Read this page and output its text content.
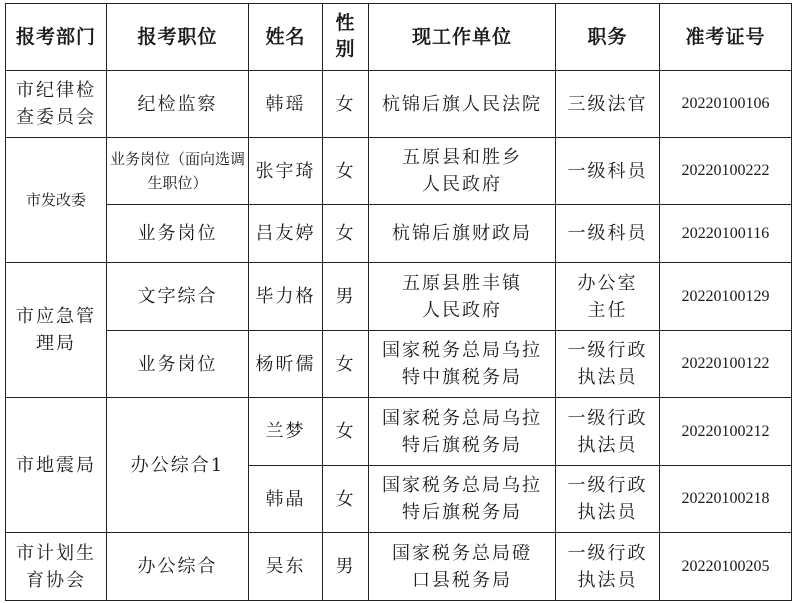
报考部门	报考职位	姓名	性别	现工作单位	职务	准考证号
市纪律检查委员会	纪检监察	韩瑶	女	杭锦后旗人民法院	三级法官	20220100106
市发改委	业务岗位（面向选调生职位）	张宇琦	女	五原县和胜乡人民政府	一级科员	20220100222
	业务岗位	吕友婷	女	杭锦后旗财政局	一级科员	20220100116
市应急管理局	文字综合	毕力格	男	五原县胜丰镇人民政府	办公室主任	20220100129
	业务岗位	杨昕儒	女	国家税务总局乌拉特中旗税务局	一级行政执法员	20220100122
市地震局	办公综合1	兰梦	女	国家税务总局乌拉特后旗税务局	一级行政执法员	20220100212
		韩晶	女	国家税务总局乌拉特后旗税务局	一级行政执法员	20220100218
市计划生育协会	办公综合	吴东	男	国家税务总局磴口县税务局	一级行政执法员	20220100205
